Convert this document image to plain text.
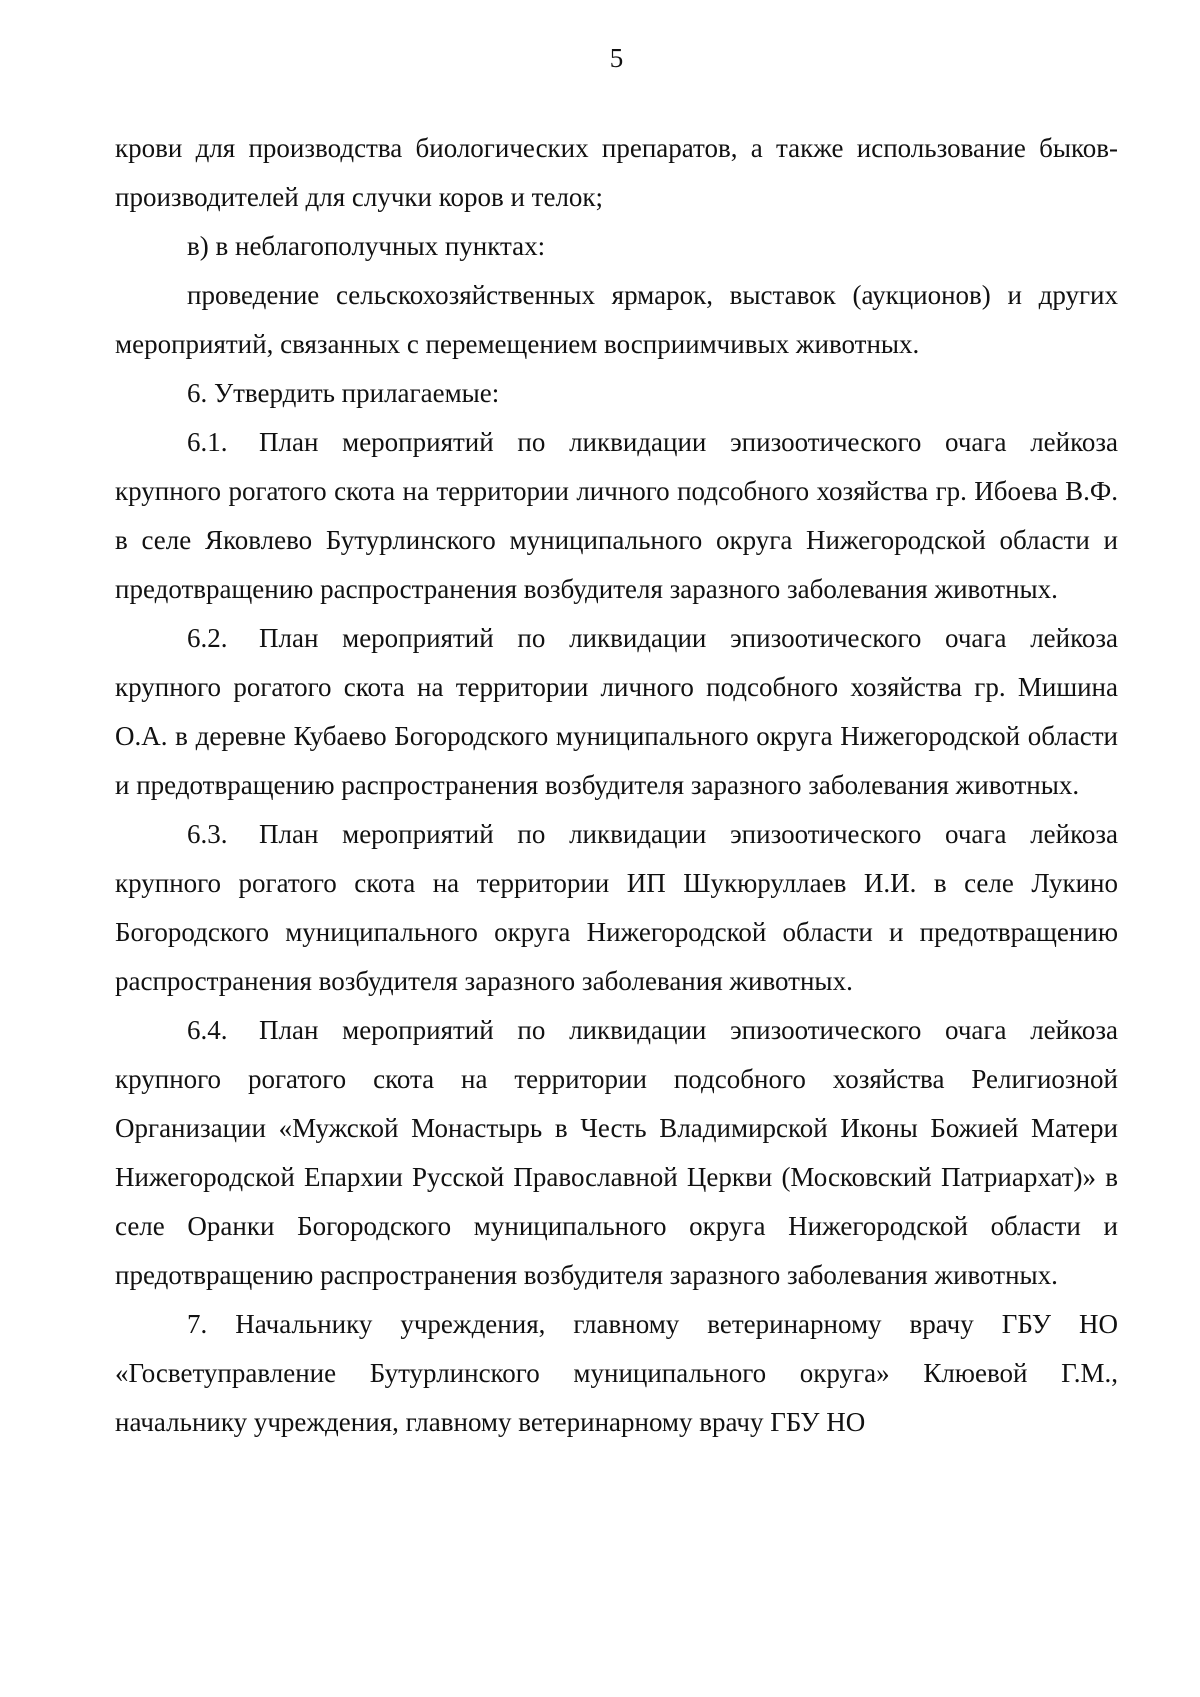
5

крови для производства биологических препаратов, а также использование быков-производителей для случки коров и телок;

в) в неблагополучных пунктах:

проведение сельскохозяйственных ярмарок, выставок (аукционов) и других мероприятий, связанных с перемещением восприимчивых животных.

6. Утвердить прилагаемые:

6.1. План мероприятий по ликвидации эпизоотического очага лейкоза крупного рогатого скота на территории личного подсобного хозяйства гр. Ибоева В.Ф. в селе Яковлево Бутурлинского муниципального округа Нижегородской области и предотвращению распространения возбудителя заразного заболевания животных.

6.2. План мероприятий по ликвидации эпизоотического очага лейкоза крупного рогатого скота на территории личного подсобного хозяйства гр. Мишина О.А. в деревне Кубаево Богородского муниципального округа Нижегородской области и предотвращению распространения возбудителя заразного заболевания животных.

6.3. План мероприятий по ликвидации эпизоотического очага лейкоза крупного рогатого скота на территории ИП Шукюруллаев И.И. в селе Лукино Богородского муниципального округа Нижегородской области и предотвращению распространения возбудителя заразного заболевания животных.

6.4. План мероприятий по ликвидации эпизоотического очага лейкоза крупного рогатого скота на территории подсобного хозяйства Религиозной Организации «Мужской Монастырь в Честь Владимирской Иконы Божией Матери Нижегородской Епархии Русской Православной Церкви (Московский Патриархат)» в селе Оранки Богородского муниципального округа Нижегородской области и предотвращению распространения возбудителя заразного заболевания животных.

7. Начальнику учреждения, главному ветеринарному врачу ГБУ НО «Госветуправление Бутурлинского муниципального округа» Клюевой Г.М., начальнику учреждения, главному ветеринарному врачу ГБУ НО
